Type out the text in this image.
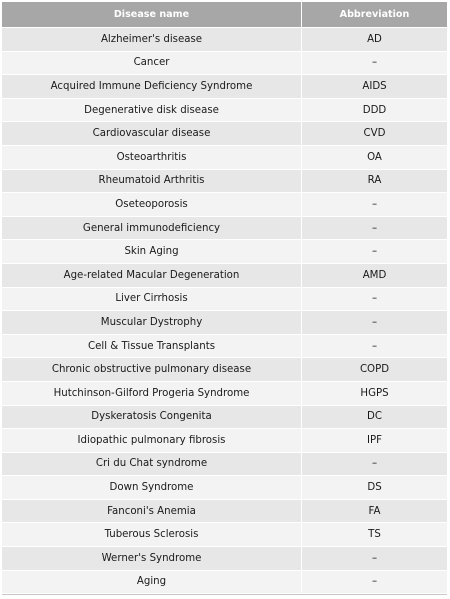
Disease name	Abbreviation
Alzheimer's disease	AD
Cancer	–
Acquired Immune Deficiency Syndrome	AIDS
Degenerative disk disease	DDD
Cardiovascular disease	CVD
Osteoarthritis	OA
Rheumatoid Arthritis	RA
Oseteoporosis	–
General immunodeficiency	–
Skin Aging	–
Age-related Macular Degeneration	AMD
Liver Cirrhosis	–
Muscular Dystrophy	–
Cell & Tissue Transplants	–
Chronic obstructive pulmonary disease	COPD
Hutchinson-Gilford Progeria Syndrome	HGPS
Dyskeratosis Congenita	DC
Idiopathic pulmonary fibrosis	IPF
Cri du Chat syndrome	–
Down Syndrome	DS
Fanconi's Anemia	FA
Tuberous Sclerosis	TS
Werner's Syndrome	–
Aging	–
